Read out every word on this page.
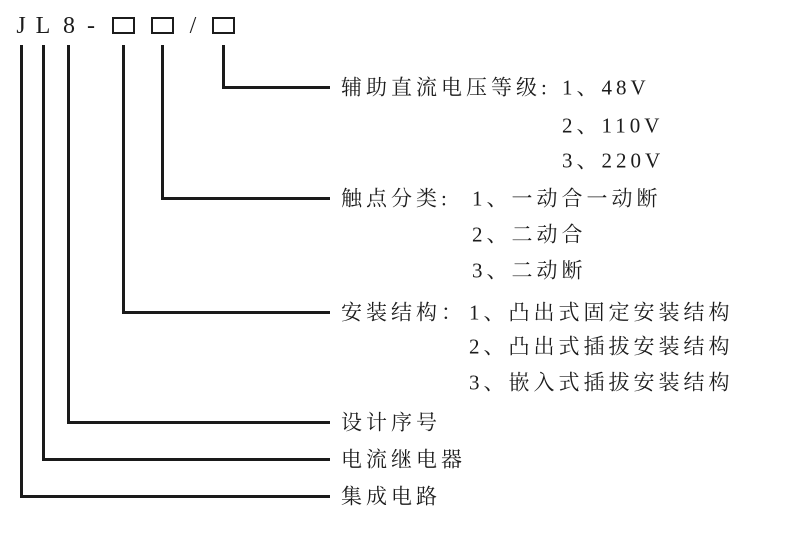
J L 8 -	/
辅助直流电压等级: 1、48V
2、110V
3、220V
触点分类: 1、一动合一动断
2、二动合
3、二动断
安装结构： 1、凸出式固定安装结构
2、凸出式插拔安装结构
3、嵌入式插拔安装结构
设计序号
电流继电器
集成电路
